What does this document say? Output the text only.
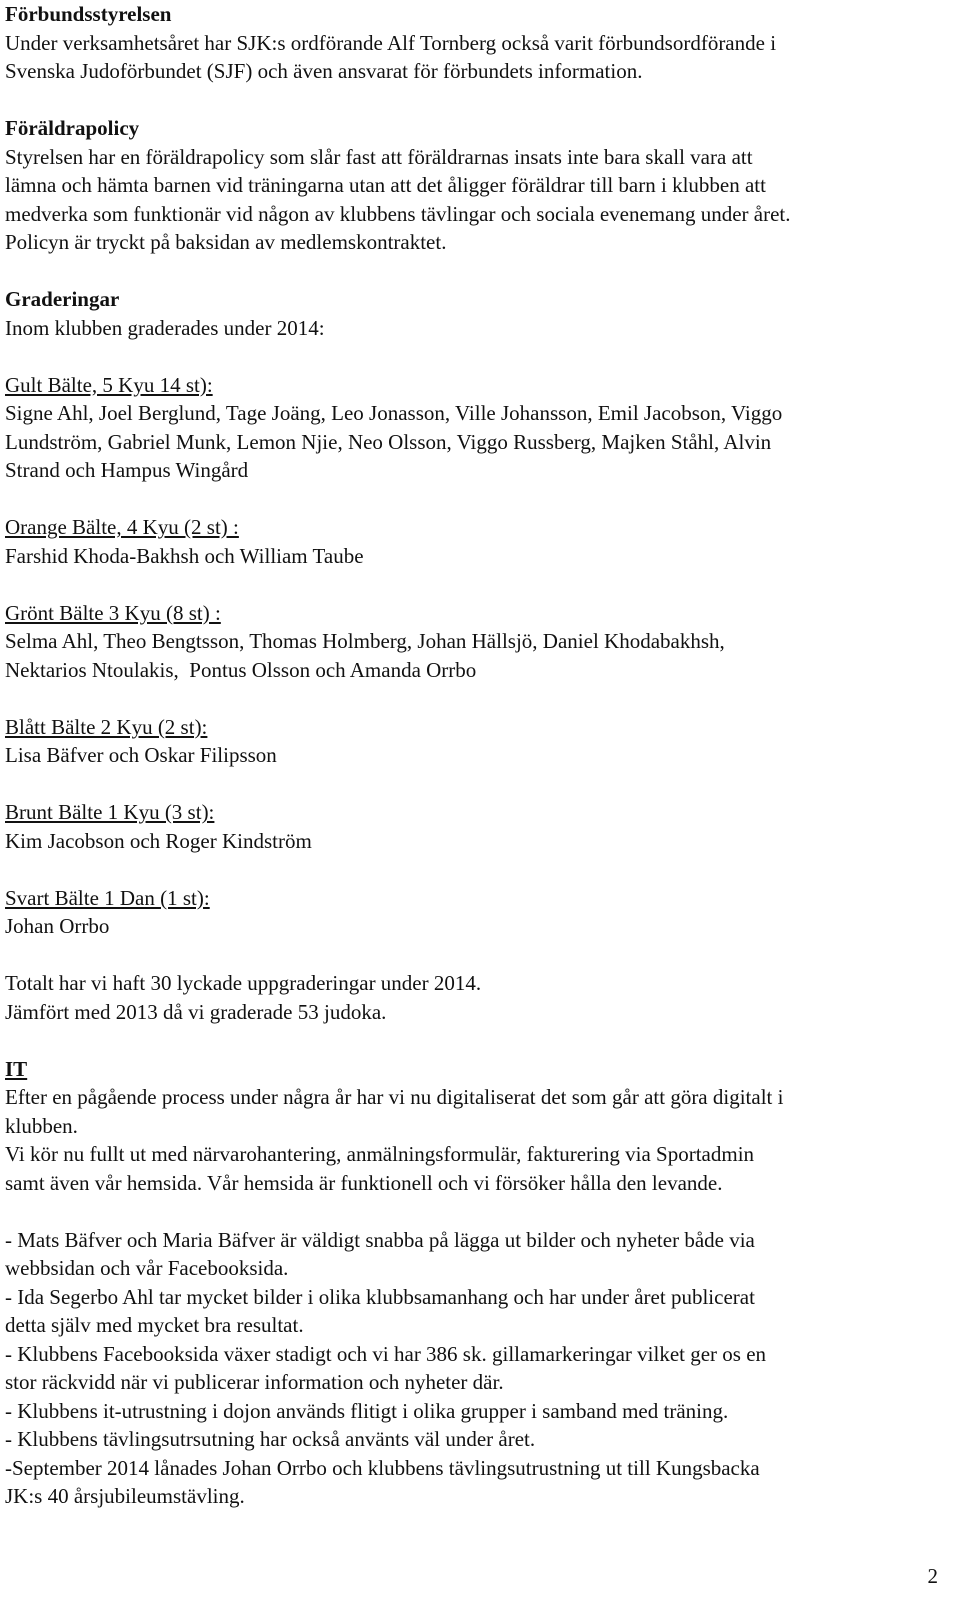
Förbundsstyrelsen

Under verksamhetsåret har SJK:s ordförande Alf Tornberg också varit förbundsordförande i

Svenska Judoförbundet (SJF) och även ansvarat för förbundets information.

Föräldrapolicy

Styrelsen har en föräldrapolicy som slår fast att föräldrarnas insats inte bara skall vara att

lämna och hämta barnen vid träningarna utan att det åligger föräldrar till barn i klubben att

medverka som funktionär vid någon av klubbens tävlingar och sociala evenemang under året.

Policyn är tryckt på baksidan av medlemskontraktet.

Graderingar

Inom klubben graderades under 2014:

Gult Bälte, 5 Kyu 14 st):

Signe Ahl, Joel Berglund, Tage Joäng, Leo Jonasson, Ville Johansson, Emil Jacobson, Viggo

Lundström, Gabriel Munk, Lemon Njie, Neo Olsson, Viggo Russberg, Majken Ståhl, Alvin

Strand och Hampus Wingård

Orange Bälte, 4 Kyu (2 st) :

Farshid Khoda-Bakhsh och William Taube

Grönt Bälte 3 Kyu (8 st) :

Selma Ahl, Theo Bengtsson, Thomas Holmberg, Johan Hällsjö, Daniel Khodabakhsh,

Nektarios Ntoulakis,  Pontus Olsson och Amanda Orrbo

Blått Bälte 2 Kyu (2 st):

Lisa Bäfver och Oskar Filipsson

Brunt Bälte 1 Kyu (3 st):

Kim Jacobson och Roger Kindström

Svart Bälte 1 Dan (1 st):

Johan Orrbo

Totalt har vi haft 30 lyckade uppgraderingar under 2014.

Jämfört med 2013 då vi graderade 53 judoka.

IT

Efter en pågående process under några år har vi nu digitaliserat det som går att göra digitalt i

klubben.

Vi kör nu fullt ut med närvarohantering, anmälningsformulär, fakturering via Sportadmin

samt även vår hemsida. Vår hemsida är funktionell och vi försöker hålla den levande.

- Mats Bäfver och Maria Bäfver är väldigt snabba på lägga ut bilder och nyheter både via

webbsidan och vår Facebooksida.

- Ida Segerbo Ahl tar mycket bilder i olika klubbsamanhang och har under året publicerat

detta själv med mycket bra resultat.

- Klubbens Facebooksida växer stadigt och vi har 386 sk. gillamarkeringar vilket ger os en

stor räckvidd när vi publicerar information och nyheter där.

- Klubbens it-utrustning i dojon används flitigt i olika grupper i samband med träning.

- Klubbens tävlingsutrsutning har också använts väl under året.

-September 2014 lånades Johan Orrbo och klubbens tävlingsutrustning ut till Kungsbacka

JK:s 40 årsjubileumstävling.

2
